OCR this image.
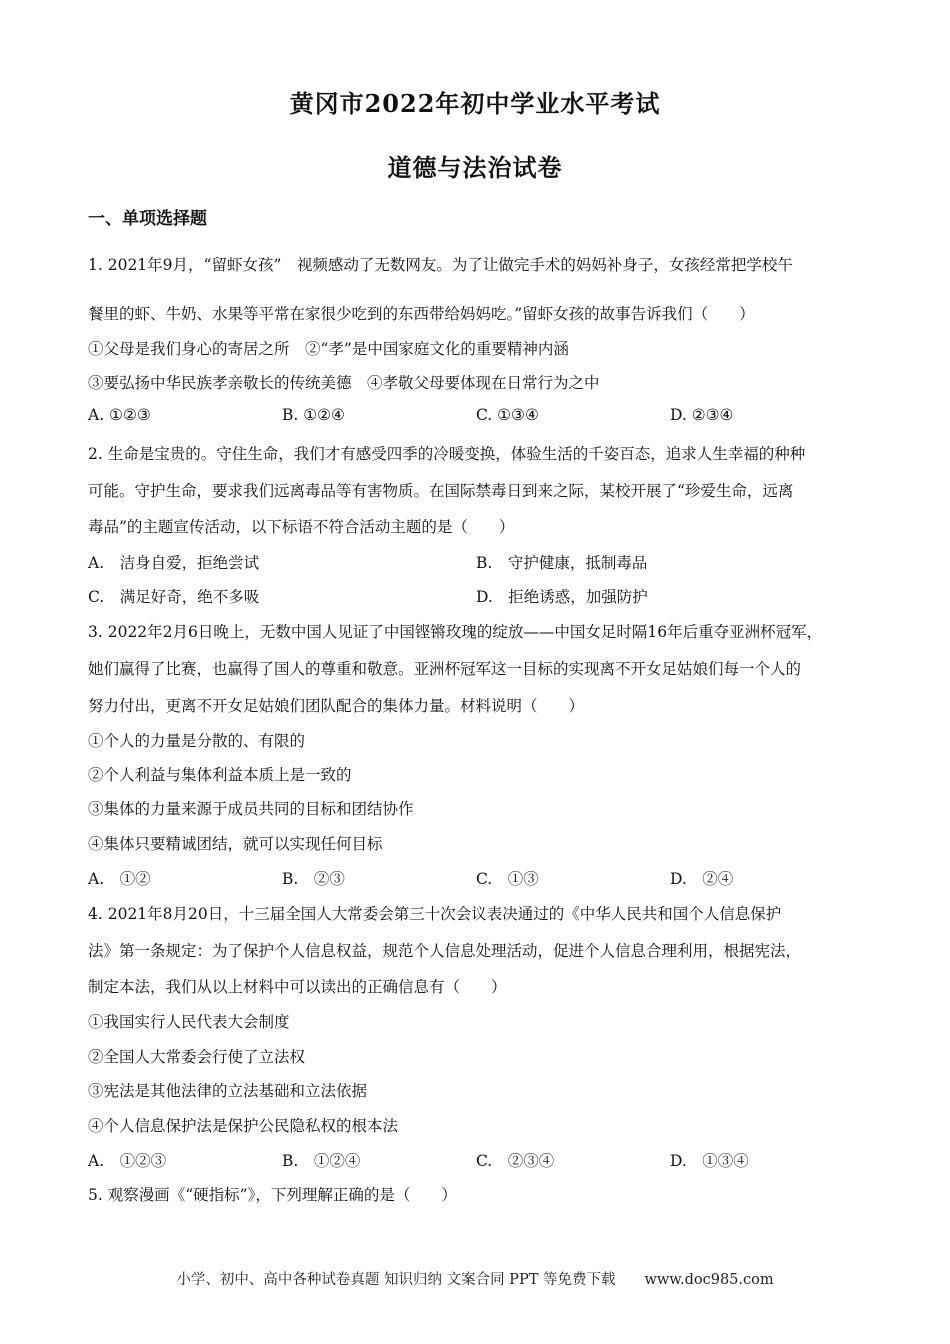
黄冈市2022年初中学业水平考试
道德与法治试卷
一、单项选择题
1. 2021年9月，“留虾女孩”　视频感动了无数网友。为了让做完手术的妈妈补身子，女孩经常把学校午
餐里的虾、牛奶、水果等平常在家很少吃到的东西带给妈妈吃。”留虾女孩的故事告诉我们（　　）
①父母是我们身心的寄居之所　②“孝”是中国家庭文化的重要精神内涵
③要弘扬中华民族孝亲敬长的传统美德　④孝敬父母要体现在日常行为之中
A. ①②③	B. ①②④	C. ①③④	D. ②③④
2. 生命是宝贵的。守住生命，我们才有感受四季的冷暖变换，体验生活的千姿百态，追求人生幸福的种种
可能。守护生命，要求我们远离毒品等有害物质。在国际禁毒日到来之际，某校开展了“珍爱生命，远离
毒品”的主题宣传活动，以下标语不符合活动主题的是（　　）
A.　洁身自爱，拒绝尝试	B.　守护健康，抵制毒品
C.　满足好奇，绝不多吸	D.　拒绝诱惑，加强防护
3. 2022年2月6日晚上，无数中国人见证了中国铿锵玫瑰的绽放——中国女足时隔16年后重夺亚洲杯冠军，
她们赢得了比赛，也赢得了国人的尊重和敬意。亚洲杯冠军这一目标的实现离不开女足姑娘们每一个人的
努力付出，更离不开女足姑娘们团队配合的集体力量。材料说明（　　）
①个人的力量是分散的、有限的
②个人利益与集体利益本质上是一致的
③集体的力量来源于成员共同的目标和团结协作
④集体只要精诚团结，就可以实现任何目标
A.　①②	B.　②③	C.　①③	D.　②④
4. 2021年8月20日，十三届全国人大常委会第三十次会议表决通过的《中华人民共和国个人信息保护
法》第一条规定：为了保护个人信息权益，规范个人信息处理活动，促进个人信息合理利用，根据宪法，
制定本法，我们从以上材料中可以读出的正确信息有（　　）
①我国实行人民代表大会制度
②全国人大常委会行使了立法权
③宪法是其他法律的立法基础和立法依据
④个人信息保护法是保护公民隐私权的根本法
A.　①②③	B.　①②④	C.　②③④	D.　①③④
5. 观察漫画《“硬指标”》，下列理解正确的是（　　）
小学、初中、高中各种试卷真题 知识归纳 文案合同 PPT 等免费下载　　www.doc985.com
